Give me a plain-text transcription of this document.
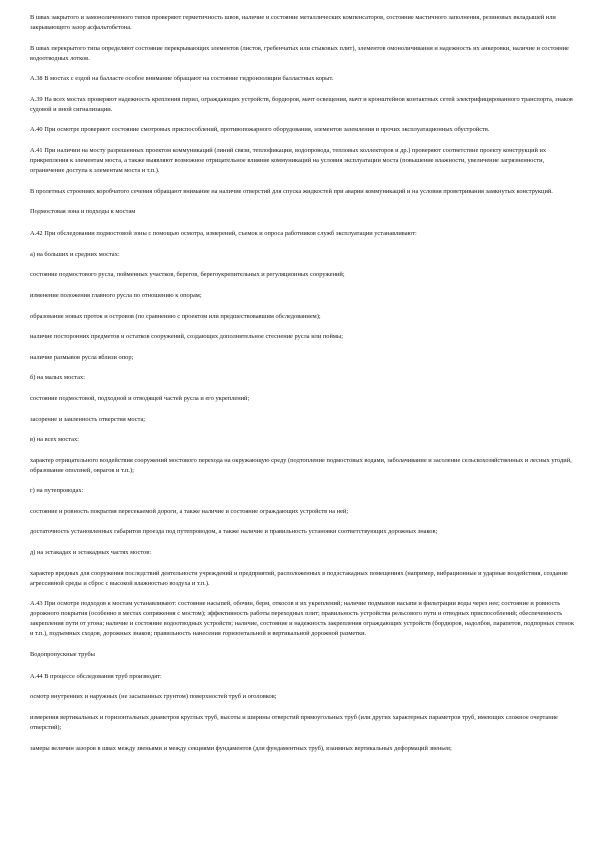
В швах закрытого и замоноличенного типов проверяют герметичность швов, наличие и состояние металлических компенсаторов, состояние мастичного заполнения, резиновых вкладышей или закрывающего зазор асфальтобетона.

В швах перекрытого типа определяют состояние перекрывающих элементов (листов, гребенчатых или стыковых плит), элементов омоноличивания и надежность их анкеровки, наличие и состояние водоотводных лотков.

А.38 В мостах с ездой на балласте особое внимание обращают на состояние гидроизоляции балластных корыт.

А.39 На всех мостах проверяют надежность крепления перил, ограждающих устройств, бордюров, мачт освещения, мачт и кронштейнов контактных сетей электрифицированного транспорта, знаков судовой и иной сигнализации.

А.40 При осмотре проверяют состояние смотровых приспособлений, противопожарного оборудования, элементов заземления и прочих эксплуатационных обустройств.

А.41 При наличии на мосту разрешенных проектом коммуникаций (линий связи, теплофикации, водопровода, тепловых коллекторов и др.) проверяют соответствие проекту конструкций их прикрепления к элементам моста, а также выявляют возможное отрицательное влияние коммуникаций на условия эксплуатации моста (повышение влажности, увеличение загрязненности, ограничение доступа к элементам моста и т.п.).

В пролетных строениях коробчатого сечения обращают внимание на наличие отверстий для спуска жидкостей при аварии коммуникаций и на условия проветривания замкнутых конструкций.

Подмостовая зона и подходы к мостам

А.42 При обследовании подмостовой зоны с помощью осмотра, измерений, съемок и опроса работников служб эксплуатации устанавливают:

а) на больших и средних мостах:

состояние подмостового русла, пойменных участков, берегов, берегоукрепительных и регуляционных сооружений;

изменение положения главного русла по отношению к опорам;

образование новых проток и островов (по сравнению с проектом или предшествовавшим обследованием);

наличие посторонних предметов и остатков сооружений, создающих дополнительное стеснение русла или поймы;

наличие размывов русла вблизи опор;

б) на малых мостах:

состояние подмостовой, подходной и отводящей частей русла и его укреплений;

засорение и заиленность отверстия моста;

в) на всех мостах:

характер отрицательного воздействия сооружений мостового перехода на окружающую среду (подтопление подмостовых водами, заболачивание и засоление сельскохозяйственных и лесных угодий, образование оползней, оврагов и т.п.);

г) на путепроводах:

состояние и ровность покрытия пересекаемой дороги, а также наличие и состояние ограждающих устройств на ней;

достаточность установленных габаритов проезда под путепроводом, а также наличие и правильность установки соответствующих дорожных знаков;

д) на эстакадах и эстакадных частях мостов:

характер вредных для сооружения последствий деятельности учреждений и предприятий, расположенных в подэстакадных помещениях (например, вибрационные и ударные воздействия, создание агрессивной среды и сброс с высокой влажностью воздуха и т.п.).

А.43 При осмотре подходов к мостам устанавливают: состояние насыпей, обочин, берм, откосов и их укреплений; наличие подмывов насыпи и фильтрации воды через нее; состояние и ровность дорожного покрытия (особенно в местах сопряжения с мостом); эффективность работы переходных плит; правильность устройства рельсового пути и отводных приспособлений; обеспеченность закрепления пути от угона; наличие и состояние водоотводных устройств; наличие, состояние и надежность закрепления ограждающих устройств (бордюров, надолбов, парапетов, подпорных стенок и т.п.), подъемных сходов, дорожных знаков; правильность нанесения горизонтальной и вертикальной дорожной разметки.

Водопропускные трубы

А.44 В процессе обследования труб производят:

осмотр внутренних и наружных (не засыпанных грунтом) поверхностей труб и оголовков;

измерения вертикальных и горизонтальных диаметров круглых труб, высоты и ширины отверстий прямоугольных труб (или других характерных параметров труб, имеющих сложное очертание отверстий);

замеры величин зазоров в швах между звеньями и между секциями фундаментов (для фундаментных труб), взаимных вертикальных деформаций звеньев;
